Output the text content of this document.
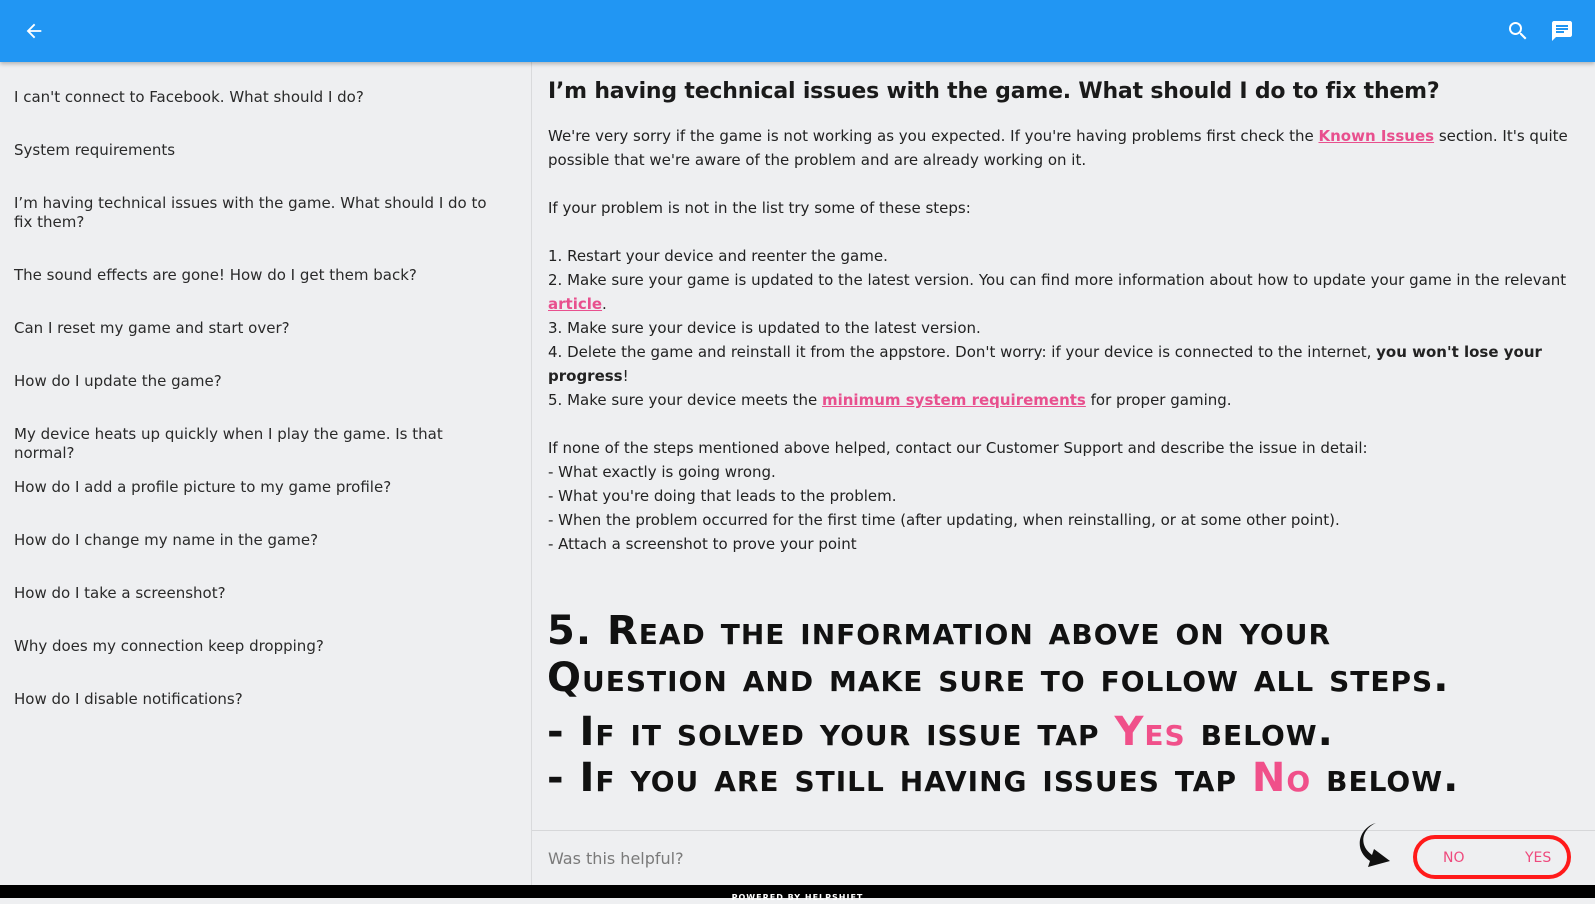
I can't connect to Facebook. What should I do?
System requirements
I’m having technical issues with the game. What should I do to fix them?
The sound effects are gone! How do I get them back?
Can I reset my game and start over?
How do I update the game?
My device heats up quickly when I play the game. Is that normal?
How do I add a profile picture to my game profile?
How do I change my name in the game?
How do I take a screenshot?
Why does my connection keep dropping?
How do I disable notifications?
I’m having technical issues with the game. What should I do to fix them?

We're very sorry if the game is not working as you expected. If you're having problems first check the Known Issues section. It's quite possible that we're aware of the problem and are already working on it.

If your problem is not in the list try some of these steps:

1. Restart your device and reenter the game.

2. Make sure your game is updated to the latest version. You can find more information about how to update your game in the relevant article.

3. Make sure your device is updated to the latest version.

4. Delete the game and reinstall it from the appstore. Don't worry: if your device is connected to the internet, you won't lose your progress!

5. Make sure your device meets the minimum system requirements for proper gaming.

If none of the steps mentioned above helped, contact our Customer Support and describe the issue in detail:

- What exactly is going wrong.

- What you're doing that leads to the problem.

- When the problem occurred for the first time (after updating, when reinstalling, or at some other point).

- Attach a screenshot to prove your point

5. Read the information above on your
Question and make sure to follow all steps.
- If it solved your issue tap Yes below.
- If you are still having issues tap No below.
Was this helpful?	NO	YES
POWERED BY HELPSHIFT
